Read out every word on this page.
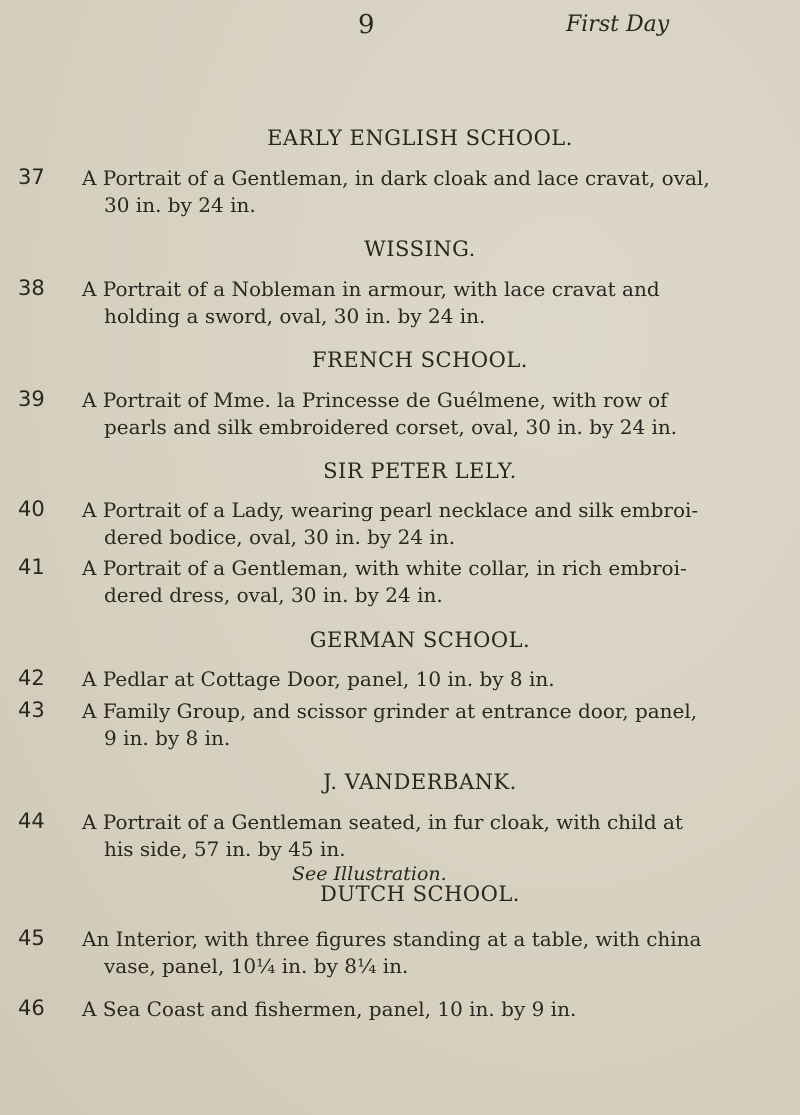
9	First Day
EARLY ENGLISH SCHOOL.
37 A Portrait of a Gentleman, in dark cloak and lace cravat, oval,
30 in. by 24 in.
WISSING.
38 A Portrait of a Nobleman in armour, with lace cravat and
holding a sword, oval, 30 in. by 24 in.
FRENCH SCHOOL.
39 A Portrait of Mme. la Princesse de Guélmene, with row of
pearls and silk embroidered corset, oval, 30 in. by 24 in.
SIR PETER LELY.
40 A Portrait of a Lady, wearing pearl necklace and silk embroi-
dered bodice, oval, 30 in. by 24 in.
41 A Portrait of a Gentleman, with white collar, in rich embroi-
dered dress, oval, 30 in. by 24 in.
GERMAN SCHOOL.
42 A Pedlar at Cottage Door, panel, 10 in. by 8 in.
43 A Family Group, and scissor grinder at entrance door, panel,
9 in. by 8 in.
J. VANDERBANK.
44 A Portrait of a Gentleman seated, in fur cloak, with child at
his side, 57 in. by 45 in.
See Illustration.
DUTCH SCHOOL.
45 An Interior, with three figures standing at a table, with china
vase, panel, 10¼ in. by 8¼ in.
46 A Sea Coast and fishermen, panel, 10 in. by 9 in.
